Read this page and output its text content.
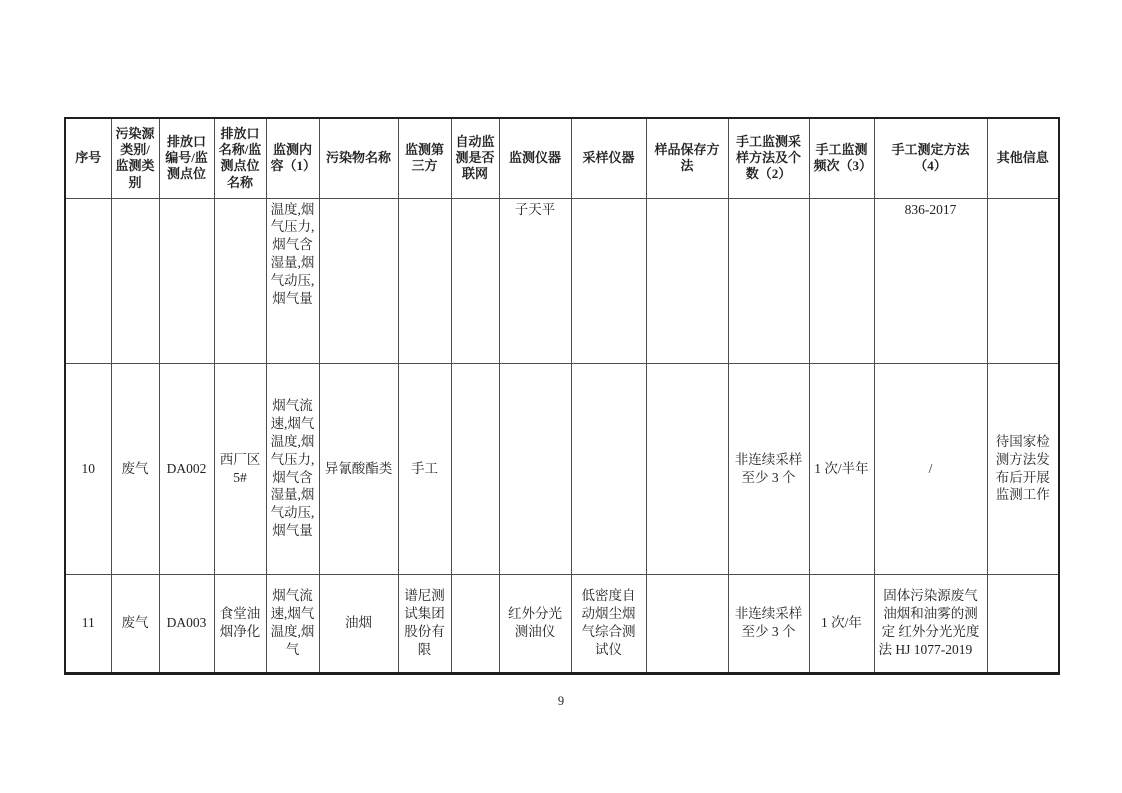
序号	污染源类别/监测类别	排放口编号/监测点位	排放口名称/监测点位名称	监测内容（1）	污染物名称	监测第三方	自动监测是否联网	监测仪器	采样仪器	样品保存方法	手工监测采样方法及个数（2）	手工监测频次（3）	手工测定方法（4）	其他信息
				温度,烟气压力,烟气含湿量,烟气动压,烟气量				子天平					836-2017	
10	废气	DA002	西厂区 5#	烟气流速,烟气温度,烟气压力,烟气含湿量,烟气动压,烟气量	异氰酸酯类	手工					非连续采样 至少 3 个	1 次/半年	/	待国家检测方法发布后开展监测工作
11	废气	DA003	食堂油烟净化	烟气流速,烟气温度,烟气	油烟	谱尼测试集团股份有限		红外分光测油仪	低密度自动烟尘烟气综合测试仪		非连续采样 至少 3 个	1 次/年	固体污染源废气油烟和油雾的测定 红外分光光度法 HJ 1077-2019	
9
